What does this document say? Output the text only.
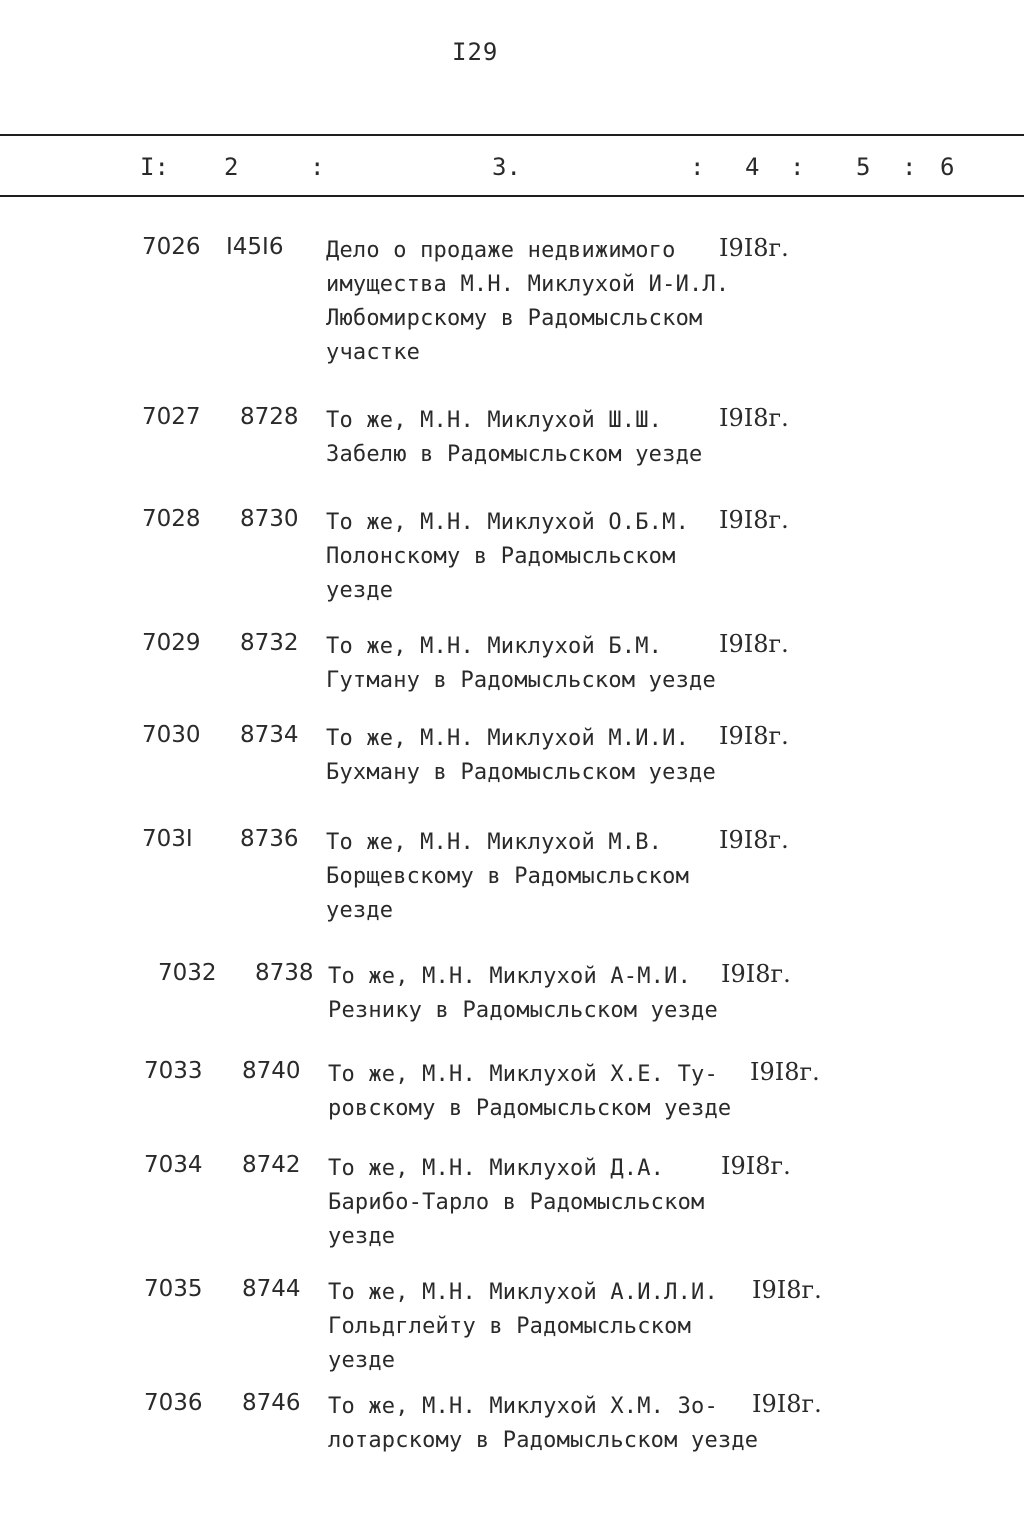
I29
I: 2	:	3.	: 4 : 5 : 6
7026 I45I6 Дело о продаже недвижимого
имущества М.Н. Миклухой И-И.Л.
Любомирскому в Радомысльском
участке
I9I8г.
7027 8728 То же, М.Н. Миклухой Ш.Ш.
Забелю в Радомысльском уезде
I9I8г.
7028 8730 То же, М.Н. Миклухой О.Б.М.
Полонскому в Радомысльском
уезде
I9I8г.
7029 8732 То же, М.Н. Миклухой Б.М.
Гутману в Радомысльском уезде
I9I8г.
7030 8734 То же, М.Н. Миклухой М.И.И.
Бухману в Радомысльском уезде
I9I8г.
703I 8736 То же, М.Н. Миклухой М.В.
Борщевскому в Радомысльском
уезде
I9I8г.
7032 8738 То же, М.Н. Миклухой А-М.И.
Резнику в Радомысльском уезде
I9I8г.
7033 8740 То же, М.Н. Миклухой Х.Е. Ту-
ровскому в Радомысльском уезде
I9I8г.
7034 8742 То же, М.Н. Миклухой Д.А.
Барибо-Тарло в Радомысльском
уезде
I9I8г.
7035 8744 То же, М.Н. Миклухой А.И.Л.И.
Гольдглейту в Радомысльском
уезде
I9I8г.
7036 8746 То же, М.Н. Миклухой Х.М. Зо-
лотарскому в Радомысльском уезде
I9I8г.
